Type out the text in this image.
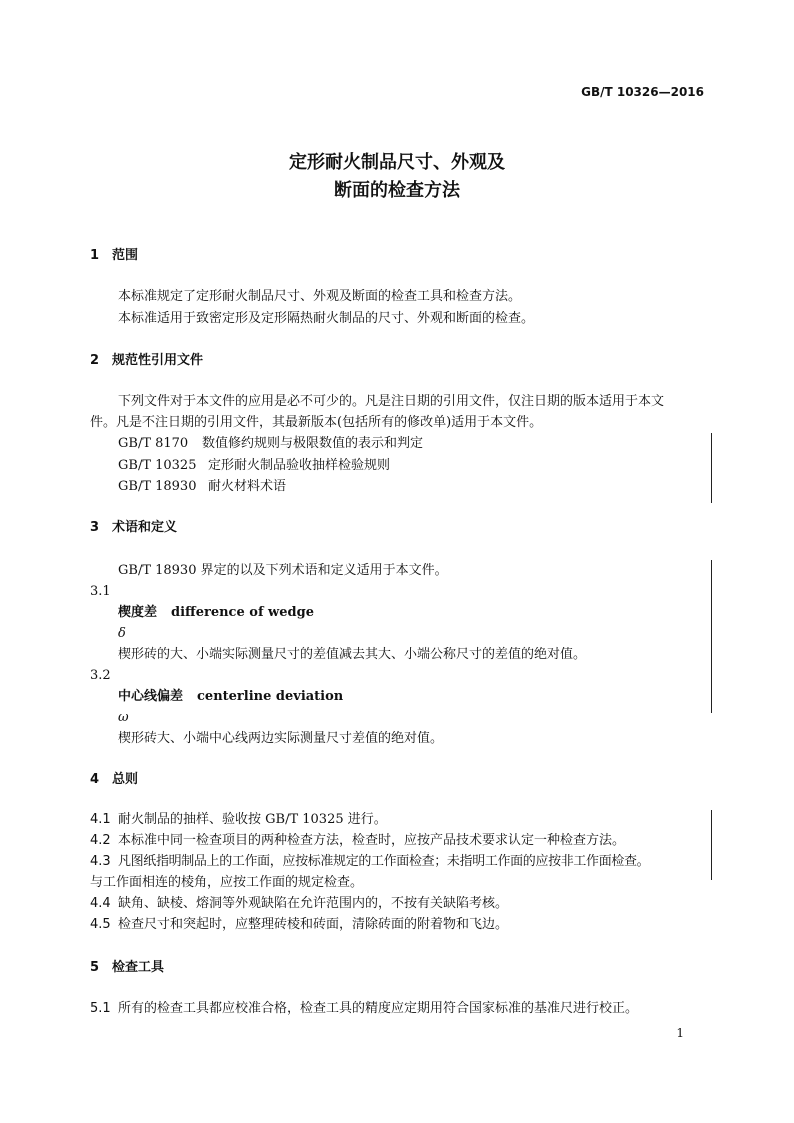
GB/T 10326—2016
定形耐火制品尺寸、外观及
断面的检查方法
1 范围
本标准规定了定形耐火制品尺寸、外观及断面的检查工具和检查方法。
本标准适用于致密定形及定形隔热耐火制品的尺寸、外观和断面的检查。
2 规范性引用文件
下列文件对于本文件的应用是必不可少的。凡是注日期的引用文件，仅注日期的版本适用于本文
件。凡是不注日期的引用文件，其最新版本(包括所有的修改单)适用于本文件。
GB/T 8170 数值修约规则与极限数值的表示和判定
GB/T 10325 定形耐火制品验收抽样检验规则
GB/T 18930 耐火材料术语
3 术语和定义
GB/T 18930 界定的以及下列术语和定义适用于本文件。
3.1
楔度差 difference of wedge
δ
楔形砖的大、小端实际测量尺寸的差值减去其大、小端公称尺寸的差值的绝对值。
3.2
中心线偏差 centerline deviation
ω
楔形砖大、小端中心线两边实际测量尺寸差值的绝对值。
4 总则
4.1 耐火制品的抽样、验收按 GB/T 10325 进行。
4.2 本标准中同一检查项目的两种检查方法，检查时，应按产品技术要求认定一种检查方法。
4.3 凡图纸指明制品上的工作面，应按标准规定的工作面检查；未指明工作面的应按非工作面检查。
与工作面相连的棱角，应按工作面的规定检查。
4.4 缺角、缺棱、熔洞等外观缺陷在允许范围内的，不按有关缺陷考核。
4.5 检查尺寸和突起时，应整理砖棱和砖面，清除砖面的附着物和飞边。
5 检查工具
5.1 所有的检查工具都应校准合格，检查工具的精度应定期用符合国家标准的基准尺进行校正。
1
